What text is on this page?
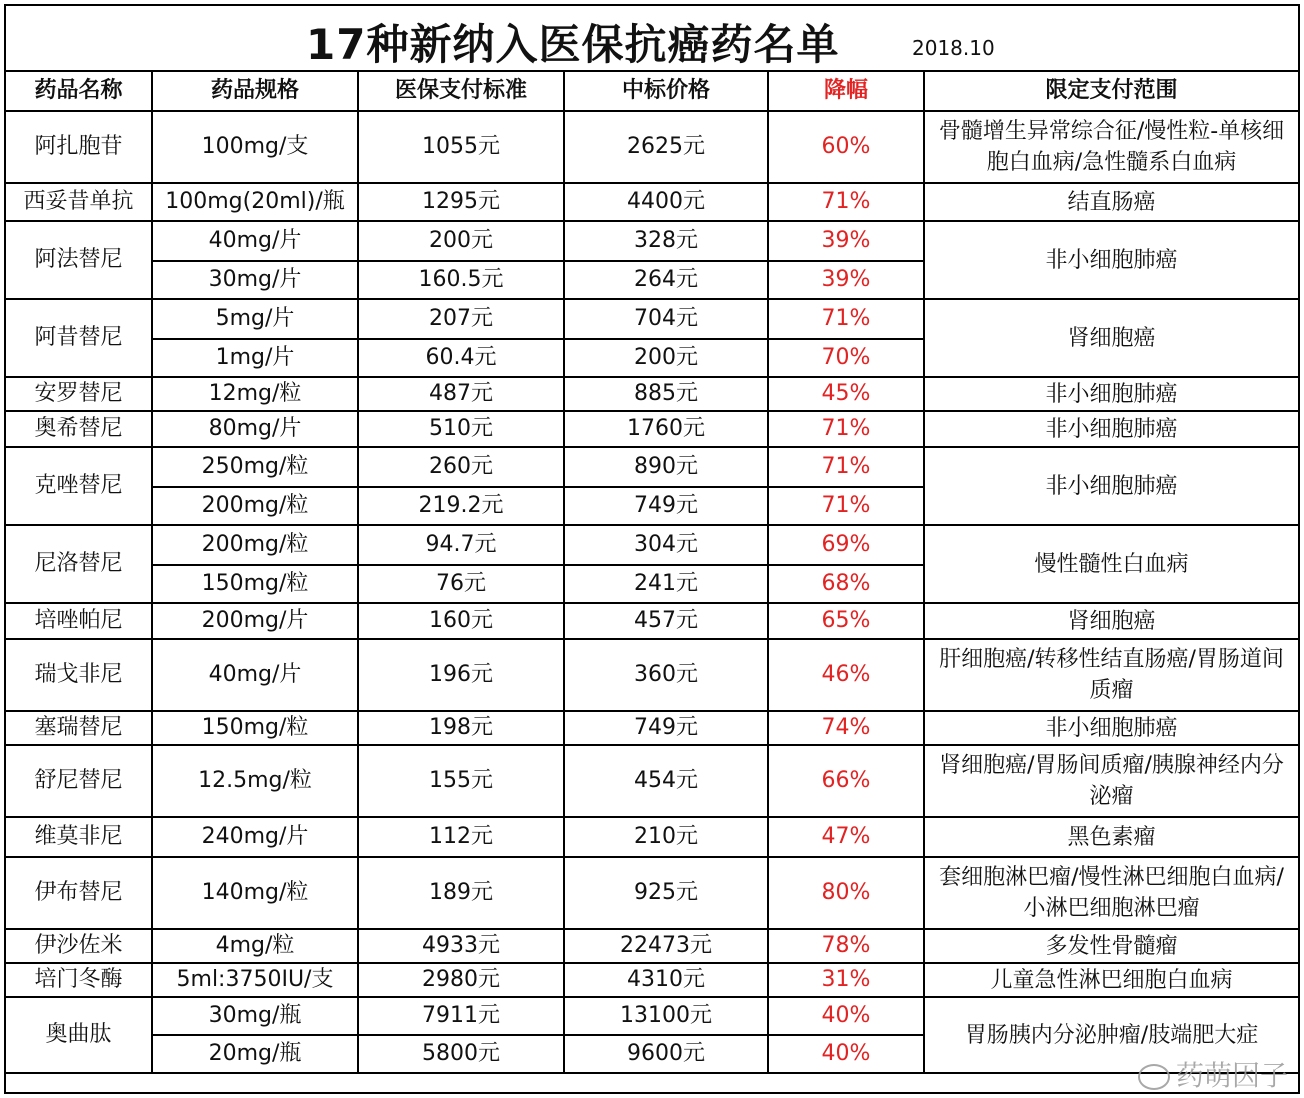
17种新纳入医保抗癌药名单	2018.10
药品名称	药品规格	医保支付标准	中标价格	降幅	限定支付范围
阿扎胞苷	100mg/支	1055元	2625元	60%	骨髓增生异常综合征/慢性粒-单核细胞白血病/急性髓系白血病
西妥昔单抗	100mg(20ml)/瓶	1295元	4400元	71%	结直肠癌
阿法替尼	40mg/片	200元	328元	39%	非小细胞肺癌
	30mg/片	160.5元	264元	39%	
阿昔替尼	5mg/片	207元	704元	71%	肾细胞癌
	1mg/片	60.4元	200元	70%	
安罗替尼	12mg/粒	487元	885元	45%	非小细胞肺癌
奥希替尼	80mg/片	510元	1760元	71%	非小细胞肺癌
克唑替尼	250mg/粒	260元	890元	71%	非小细胞肺癌
	200mg/粒	219.2元	749元	71%	
尼洛替尼	200mg/粒	94.7元	304元	69%	慢性髓性白血病
	150mg/粒	76元	241元	68%	
培唑帕尼	200mg/片	160元	457元	65%	肾细胞癌
瑞戈非尼	40mg/片	196元	360元	46%	肝细胞癌/转移性结直肠癌/胃肠道间质瘤
塞瑞替尼	150mg/粒	198元	749元	74%	非小细胞肺癌
舒尼替尼	12.5mg/粒	155元	454元	66%	肾细胞癌/胃肠间质瘤/胰腺神经内分泌瘤
维莫非尼	240mg/片	112元	210元	47%	黑色素瘤
伊布替尼	140mg/粒	189元	925元	80%	套细胞淋巴瘤/慢性淋巴细胞白血病/小淋巴细胞淋巴瘤
伊沙佐米	4mg/粒	4933元	22473元	78%	多发性骨髓瘤
培门冬酶	5ml:3750IU/支	2980元	4310元	31%	儿童急性淋巴细胞白血病
奥曲肽	30mg/瓶	7911元	13100元	40%	胃肠胰内分泌肿瘤/肢端肥大症
	20mg/瓶	5800元	9600元	40%	
药萌因子
